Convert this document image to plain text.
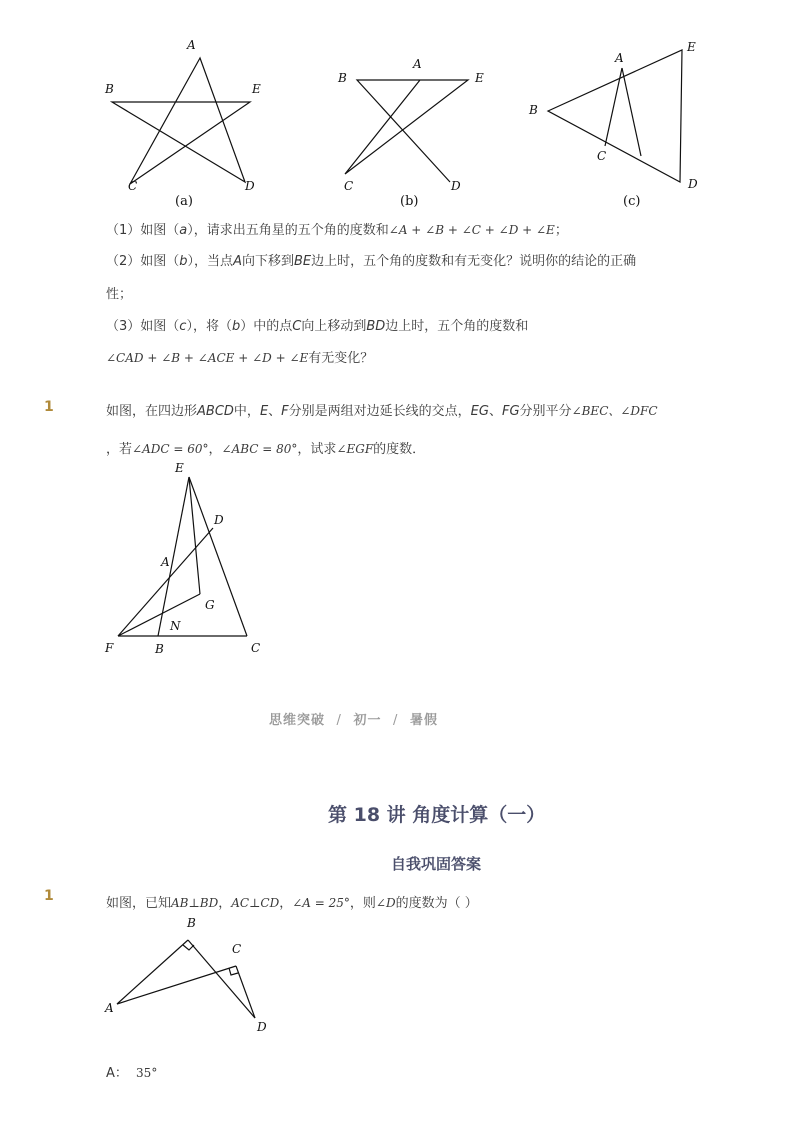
A
B	E
C	D
(a)
A
B	E
C	D
(b)
A
E
B
C
D
(c)
（1）如图（a），请求出五角星的五个角的度数和∠A + ∠B + ∠C + ∠D + ∠E；
（2）如图（b），当点A向下移到BE边上时，五个角的度数和有无变化？说明你的结论的正确
性；
（3）如图（c），将（b）中的点C向上移动到BD边上时，五个角的度数和
∠CAD + ∠B + ∠ACE + ∠D + ∠E有无变化？
1	如图，在四边形ABCD中，E、F分别是两组对边延长线的交点，EG、FG分别平分∠BEC、∠DFC
，若∠ADC = 60°，∠ABC = 80°，试求∠EGF的度数．
E
D
A
G
N
F	B	C
思维突破 / 初一 / 暑假
第 18 讲 角度计算（一）
自我巩固答案
1	如图，已知AB⊥BD，AC⊥CD，∠A = 25°，则∠D的度数为（ ）
B
C
A
D
A： 35°
